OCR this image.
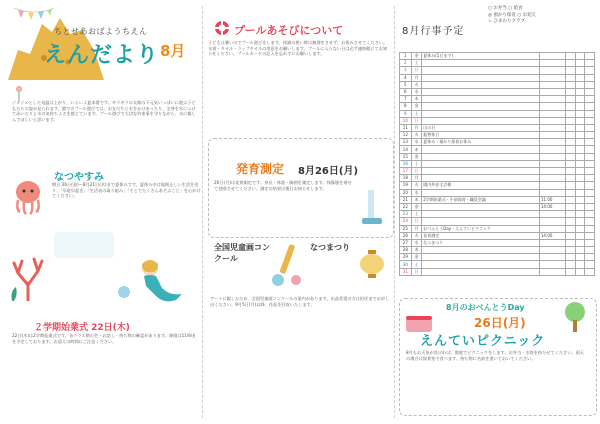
ちとせあおばようちえん
えんだより 8月
ジメジメとした気温は上がり、いよいよ夏本番です。ギラギラの太陽の下元気いっぱいに遊ぶ子どもたちの姿が見られます。園でのプール遊びでは、お友だちと水をかけあったり、全身を水につけて泳いだりと水の気持ちよさを感じています。プール遊びで大切な約束事を守りながら、水に親しんでほしいと思います。
なつやすみ
期日 26日(金)〜8月21日(木)まで夏休みです。夏休み中は規則正しい生活を送り、「早寝早起き」「生活表の取り組み」「そとでたくさんあそぶこと」を心がけてください。
２学期始業式 22日(木)
22日(木)は2学期始業式です。各クラス朝の会・お話し・持ち物の確認があります。降園は11時頃を予定しております。お迎えの時間にご注意ください。
プールあそびについて
子どもは暑いのでプール遊びをします。体調の悪い時は無理をさせず、お休みさせてください。水着・タオル・ラップタオルの用意をお願いします。プールに入らない日は必ず連絡帳にてお知らせください。プールカードの記入を忘れずにお願いします。
発育測定 8月26日(月)
26日(月)は発育測定です。身長・体重・胸囲を測定します。体操服を着せて登園させてください。測定の結果は後日お知らせします。
全国児童画コンクール
なつまつり
アートに親しむため、全国児童画コンクールの案内があります。出品希望の方は担任までお申し出ください。9月5日(月)以降、作品を回収いたします。
8月行事予定
○ お弁当 ○ 給食
◎ 預かり保育 ○ お迎え
☆ ひまわりクラブ
1	金	夏休み(1日まで)				
2	土					
3	日					
4	月					
5	火					
6	水					
7	木					
8	金					
9	土					
10	日					
11	月	山の日				
12	火	振替休日				
13	水	夏休み・預かり保育お休み				
14	木					
15	金					
16	土					
17	日					
18	月					
19	火	園内外安全点検				
20	水					
21	木	2学期始業式・午前保育・職員会議	11:00			
22	金		14:00			
23	土					
24	日					
25	月	おべんとうDay・えんていピクニック				
26	火	発育測定	14:00			
27	水	なつまつり				
28	木					
29	金					
30	土					
31	日					
8月のおべんとうDay
26日(月)
えんていピクニック
8月もお天気が良ければ、園庭でピクニックをします。お弁当・水筒を持たせてください。雨天の場合は保育室で食べます。持ち物に名前を書いておいてください。
